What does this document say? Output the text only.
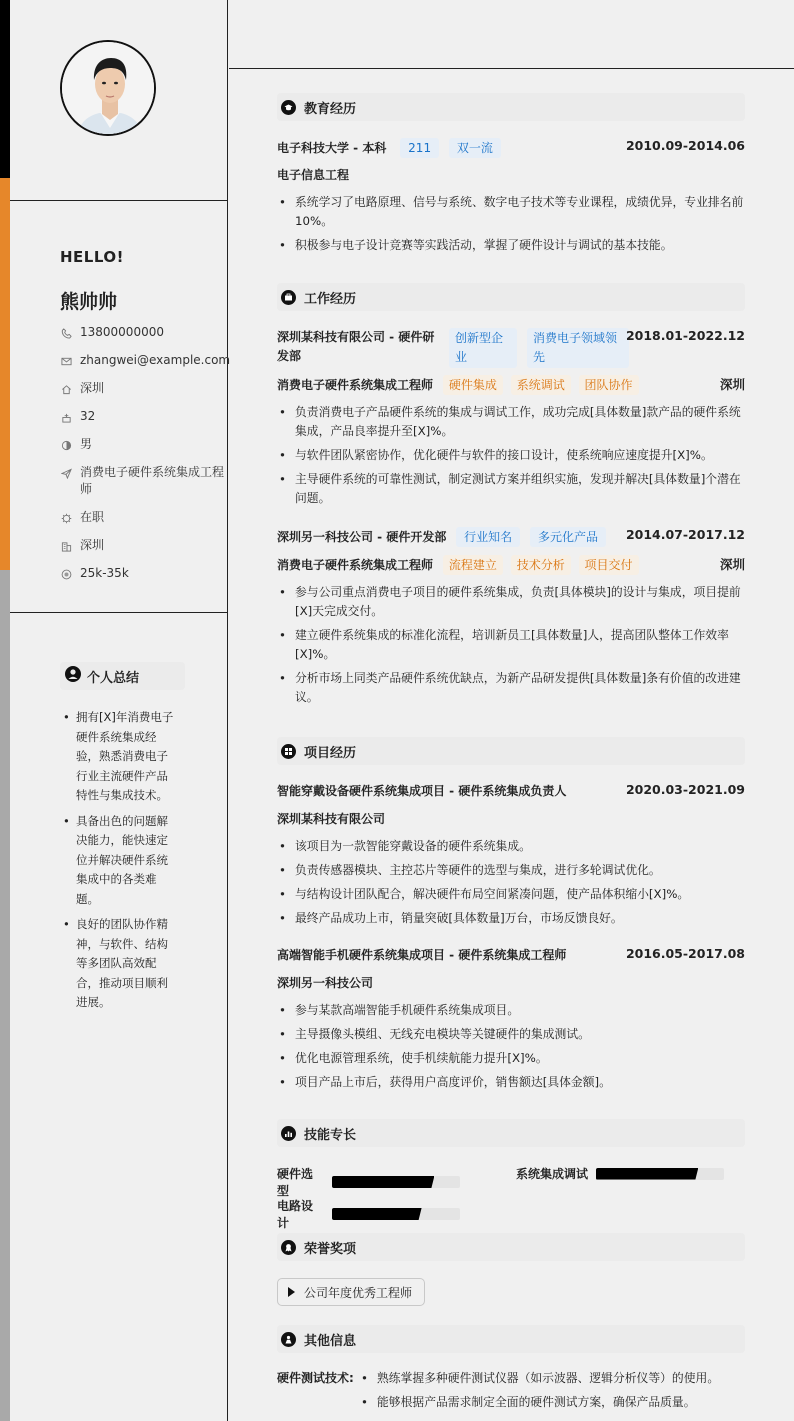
HELLO!
熊帅帅
13800000000
zhangwei@example.com
深圳
32
男
消费电子硬件系统集成工程师
在职
深圳
25k-35k
个人总结
• 拥有[X]年消费电子硬件系统集成经验，熟悉消费电子行业主流硬件产品特性与集成技术。
• 具备出色的问题解决能力，能快速定位并解决硬件系统集成中的各类难题。
• 良好的团队协作精神，与软件、结构等多团队高效配合，推动项目顺利进展。
教育经历
电子科技大学 - 本科 211 双一流	2010.09-2014.06
电子信息工程
• 系统学习了电路原理、信号与系统、数字电子技术等专业课程，成绩优异，专业排名前10%。
• 积极参与电子设计竞赛等实践活动，掌握了硬件设计与调试的基本技能。
工作经历
深圳某科技有限公司 - 硬件研
发部
创新型企
业
消费电子领域领
先
2018.01-2022.12
消费电子硬件系统集成工程师 硬件集成 系统调试 团队协作	深圳
• 负责消费电子产品硬件系统的集成与调试工作，成功完成[具体数量]款产品的硬件系统集成，产品良率提升至[X]%。
• 与软件团队紧密协作，优化硬件与软件的接口设计，使系统响应速度提升[X]%。
• 主导硬件系统的可靠性测试，制定测试方案并组织实施，发现并解决[具体数量]个潜在问题。
深圳另一科技公司 - 硬件开发部 行业知名 多元化产品 2014.07-2017.12
消费电子硬件系统集成工程师 流程建立 技术分析 项目交付	深圳
• 参与公司重点消费电子项目的硬件系统集成，负责[具体模块]的设计与集成，项目提前[X]天完成交付。
• 建立硬件系统集成的标准化流程，培训新员工[具体数量]人，提高团队整体工作效率[X]%。
• 分析市场上同类产品硬件系统优缺点，为新产品研发提供[具体数量]条有价值的改进建议。
项目经历
智能穿戴设备硬件系统集成项目 - 硬件系统集成负责人	2020.03-2021.09
深圳某科技有限公司
• 该项目为一款智能穿戴设备的硬件系统集成。
• 负责传感器模块、主控芯片等硬件的选型与集成，进行多轮调试优化。
• 与结构设计团队配合，解决硬件布局空间紧凑问题，使产品体积缩小[X]%。
• 最终产品成功上市，销量突破[具体数量]万台，市场反馈良好。
高端智能手机硬件系统集成项目 - 硬件系统集成工程师	2016.05-2017.08
深圳另一科技公司
• 参与某款高端智能手机硬件系统集成项目。
• 主导摄像头模组、无线充电模块等关键硬件的集成测试。
• 优化电源管理系统，使手机续航能力提升[X]%。
• 项目产品上市后，获得用户高度评价，销售额达[具体金额]。
技能专长
硬件选型
系统集成调试
电路设计
荣誉奖项
公司年度优秀工程师
其他信息
硬件测试技术:
•	熟练掌握多种硬件测试仪器（如示波器、逻辑分析仪等）的使用。
• 能够根据产品需求制定全面的硬件测试方案，确保产品质量。
